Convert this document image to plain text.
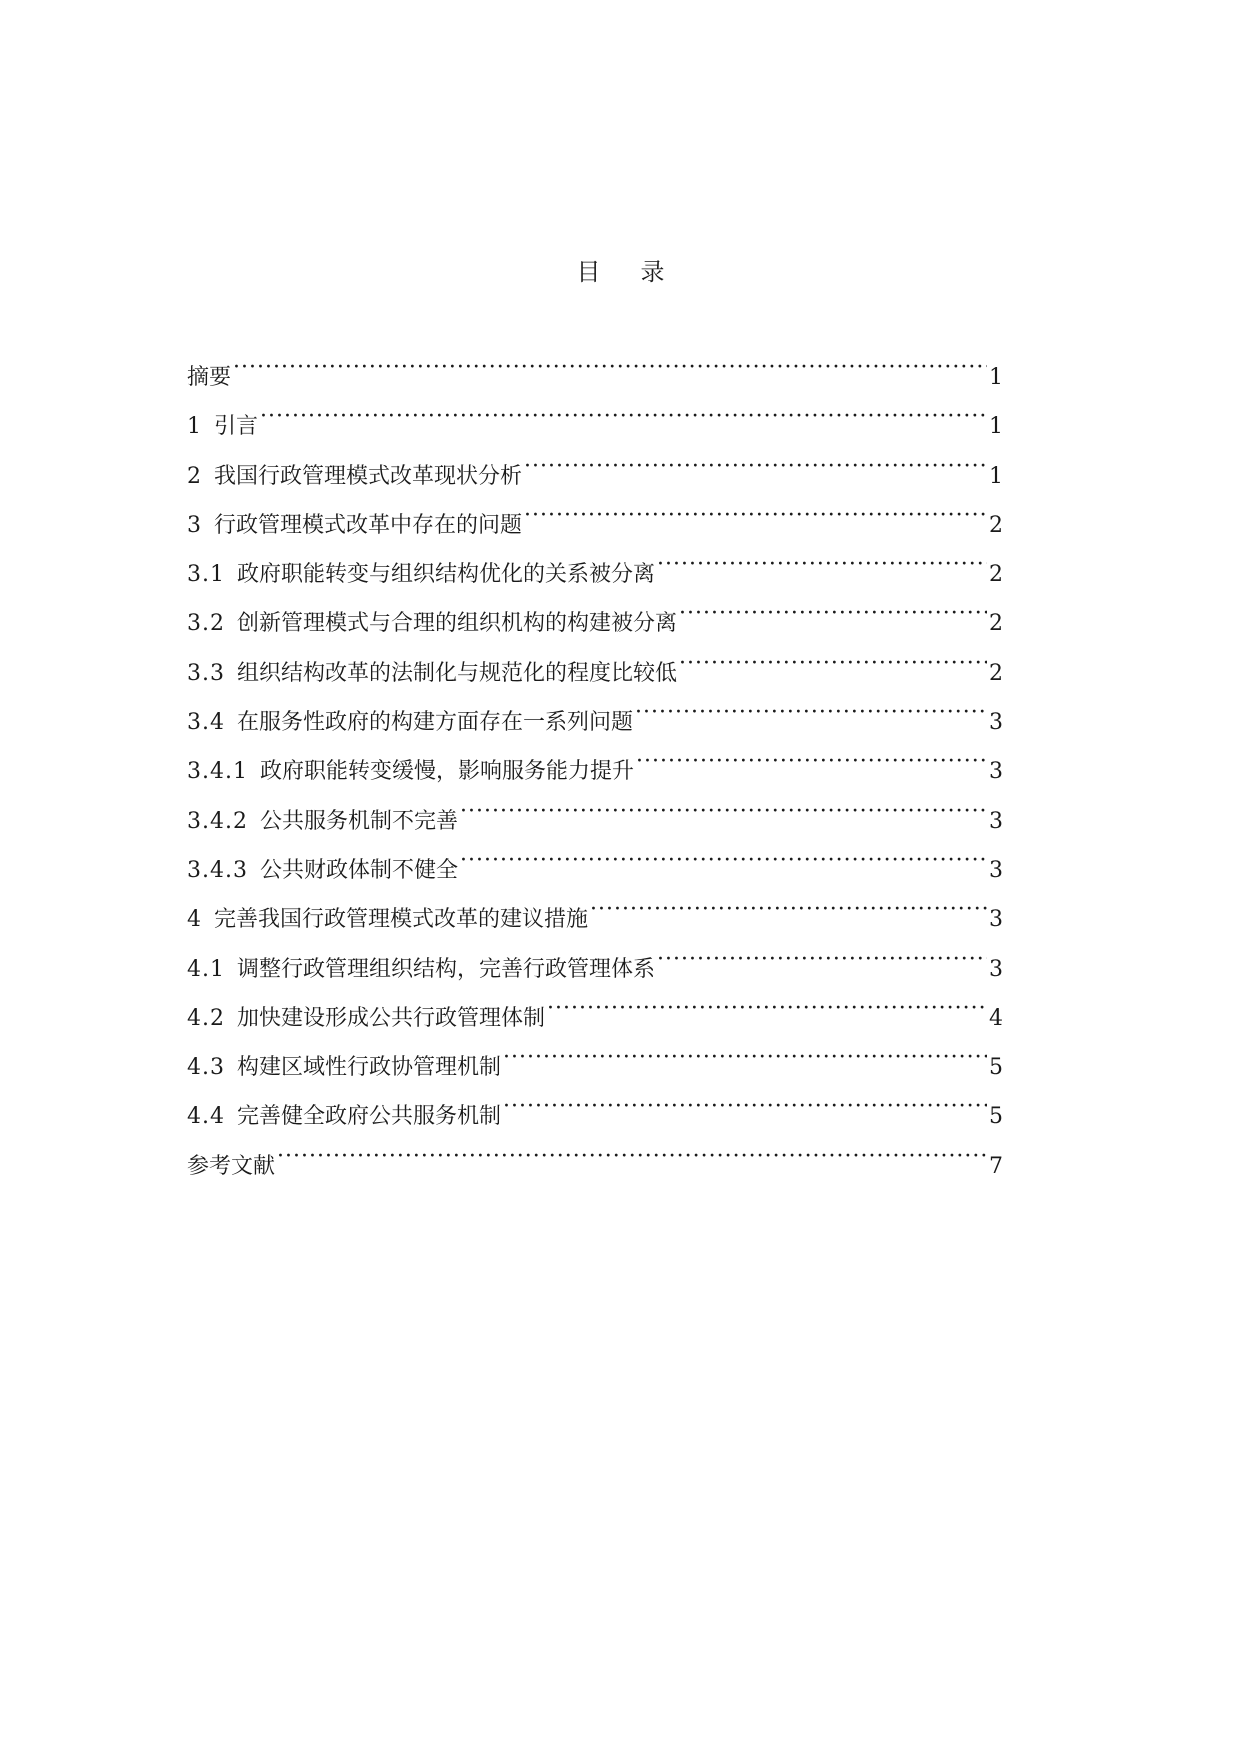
目录
摘要 ·····	1
1 引言 ·····	1
2 我国行政管理模式改革现状分析 ·····	1
3 行政管理模式改革中存在的问题 ·····	2
3.1 政府职能转变与组织结构优化的关系被分离 ·····	2
3.2 创新管理模式与合理的组织机构的构建被分离 ·····	2
3.3 组织结构改革的法制化与规范化的程度比较低 ·····	2
3.4 在服务性政府的构建方面存在一系列问题 ·····	3
3.4.1 政府职能转变缓慢，影响服务能力提升 ·····	3
3.4.2 公共服务机制不完善 ·····	3
3.4.3 公共财政体制不健全 ·····	3
4 完善我国行政管理模式改革的建议措施 ·····	3
4.1 调整行政管理组织结构，完善行政管理体系 ·····	3
4.2 加快建设形成公共行政管理体制 ·····	4
4.3 构建区域性行政协管理机制 ·····	5
4.4 完善健全政府公共服务机制 ·····	5
参考文献 ·····	7
